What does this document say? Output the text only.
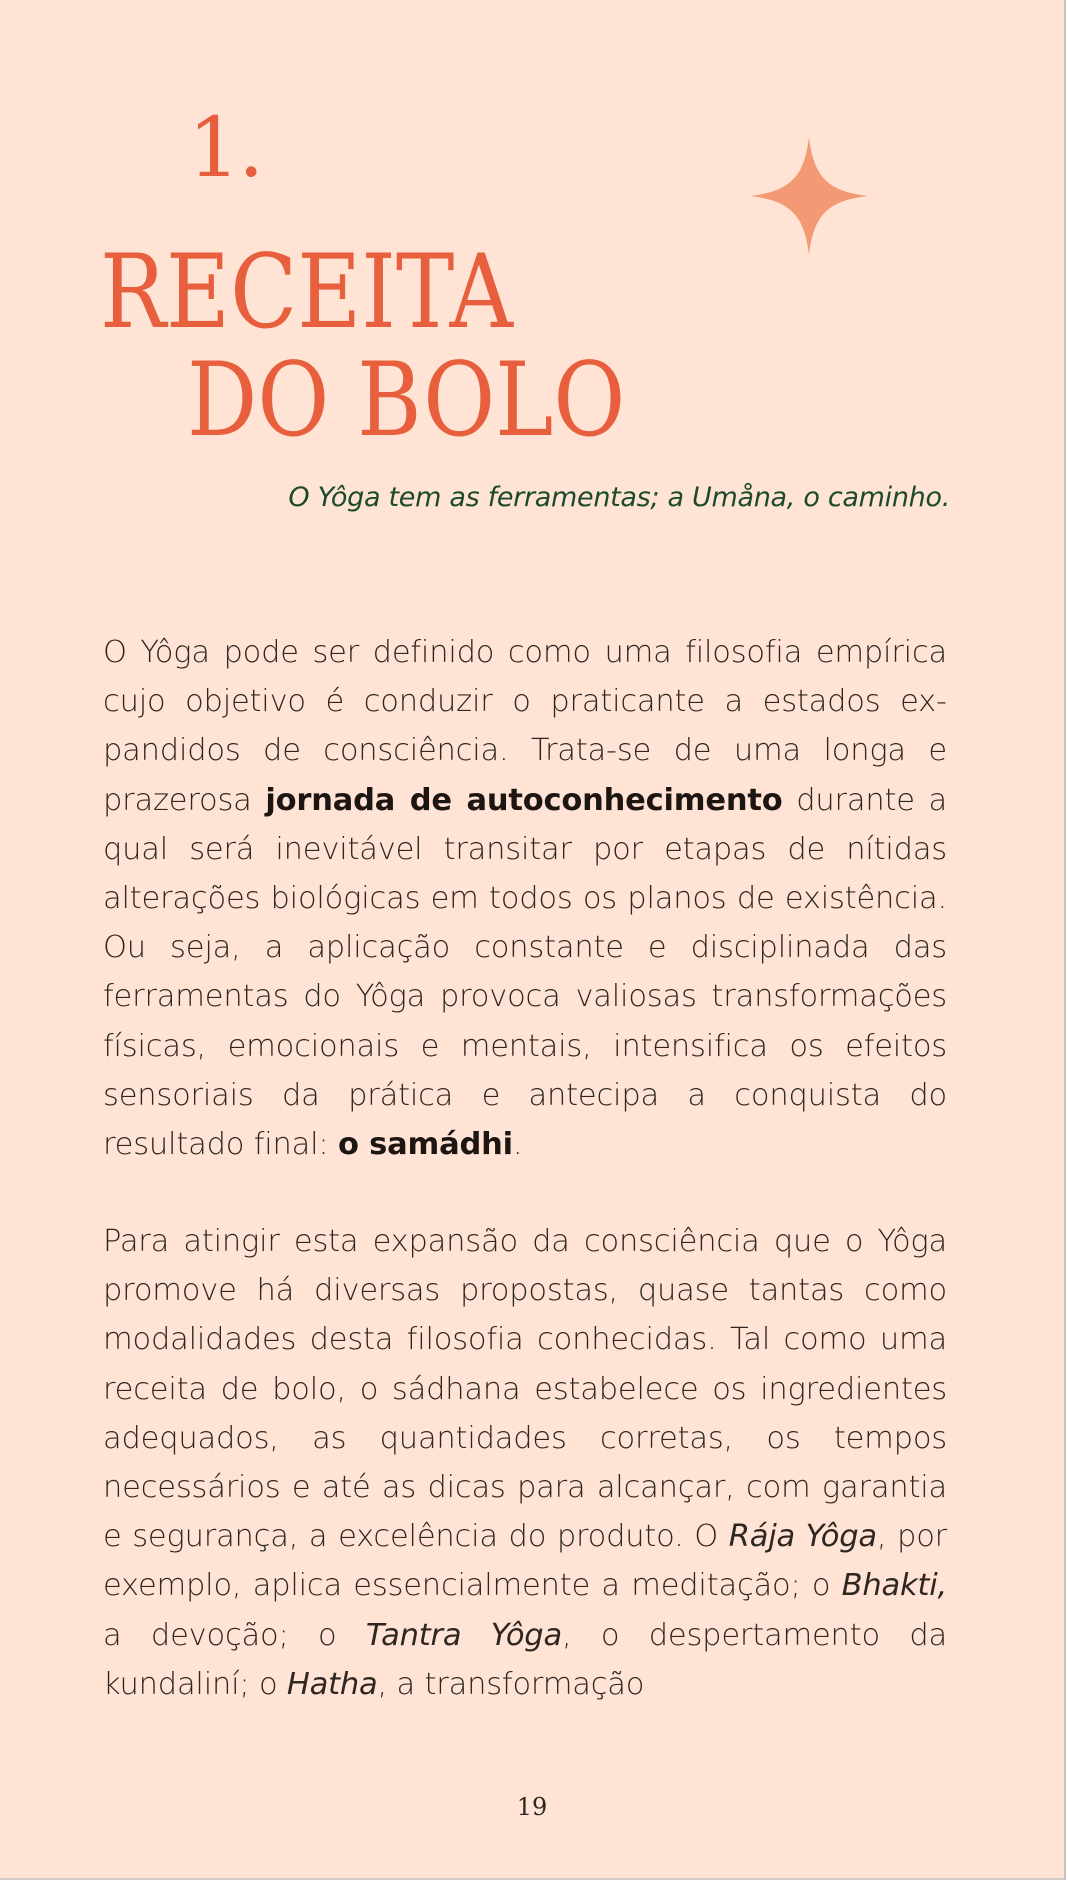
1.
RECEITA
DO BOLO
O Yôga tem as ferramentas; a Umåna, o caminho.

O Yôga pode ser definido como uma filosofia empírica cujo objetivo é conduzir o praticante a estados expandidos de consciência. Trata-se de uma longa e prazerosa jornada de autoconhecimento durante a qual será inevitável transitar por etapas de nítidas alterações biológicas em todos os planos de existência. Ou seja, a aplicação constante e disciplinada das ferramentas do Yôga provoca valiosas transformações físicas, emocionais e mentais, intensifica os efeitos sensoriais da prática e antecipa a conquista do resultado final: o samádhi.

Para atingir esta expansão da consciência que o Yôga promove há diversas propostas, quase tantas como modalidades desta filosofia conhecidas. Tal como uma receita de bolo, o sádhana estabelece os ingredientes adequados, as quantidades corretas, os tempos necessários e até as dicas para alcançar, com garantia e segurança, a excelência do produto. O Rája Yôga, por exemplo, aplica essencialmente a meditação; o Bhakti, a devoção; o Tantra Yôga, o despertamento da kundaliní; o Hatha, a transformação

19
